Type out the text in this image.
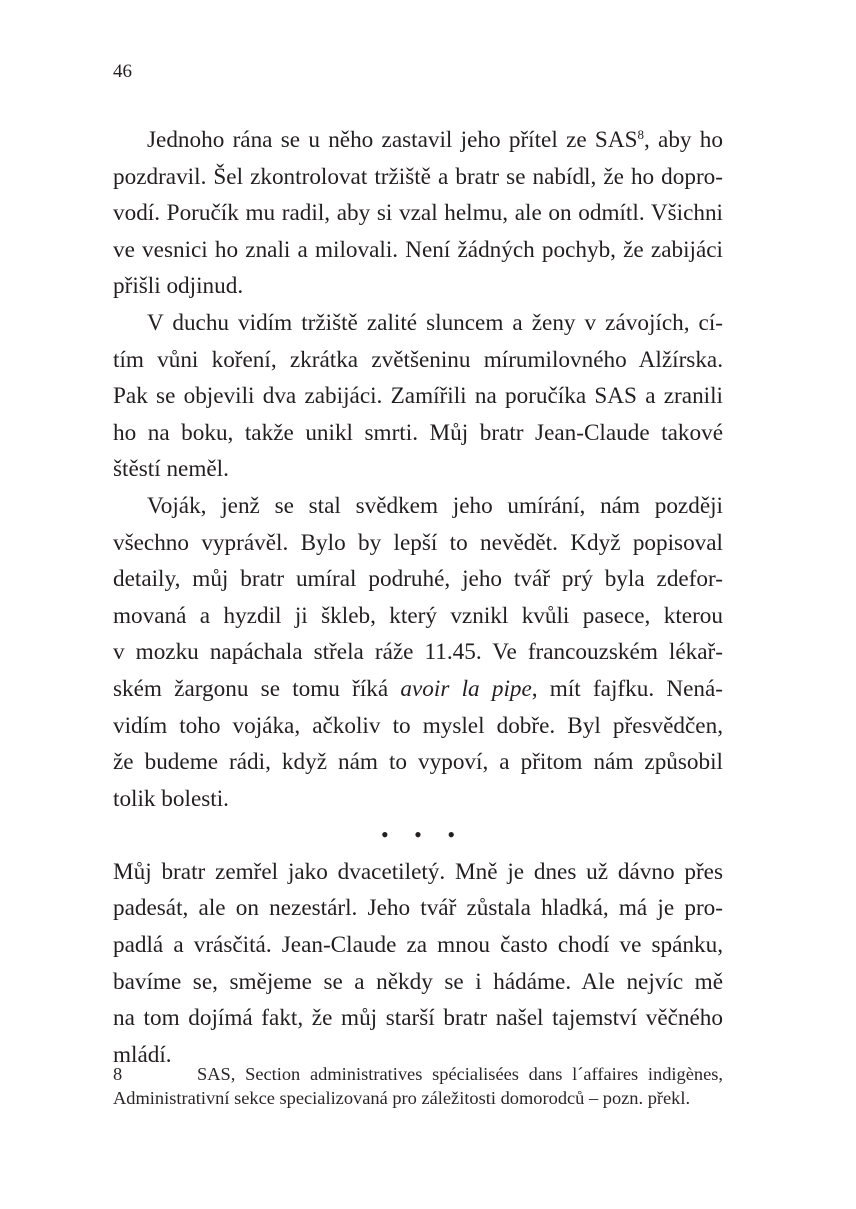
46
Jednoho rána se u něho zastavil jeho přítel ze SAS$^8$, aby ho
pozdravil. Šel zkontrolovat tržiště a bratr se nabídl, že ho dopro-
vodí. Poručík mu radil, aby si vzal helmu, ale on odmítl. Všichni
ve vesnici ho znali a milovali. Není žádných pochyb, že zabijáci
přišli odjinud.
V duchu vidím tržiště zalité sluncem a ženy v závojích, cí-
tím vůni koření, zkrátka zvětšeninu mírumilovného Alžírska.
Pak se objevili dva zabijáci. Zamířili na poručíka SAS a zranili
ho na boku, takže unikl smrti. Můj bratr Jean-Claude takové
štěstí neměl.
Voják, jenž se stal svědkem jeho umírání, nám později
všechno vyprávěl. Bylo by lepší to nevědět. Když popisoval
detaily, můj bratr umíral podruhé, jeho tvář prý byla zdefor-
movaná a hyzdil ji škleb, který vznikl kvůli pasece, kterou
v mozku napáchala střela ráže 11.45. Ve francouzském lékař-
ském žargonu se tomu říká avoir la pipe, mít fajfku. Nená-
vidím toho vojáka, ačkoliv to myslel dobře. Byl přesvědčen,
že budeme rádi, když nám to vypoví, a přitom nám způsobil
tolik bolesti.
• • •
Můj bratr zemřel jako dvacetiletý. Mně je dnes už dávno přes
padesát, ale on nezestárl. Jeho tvář zůstala hladká, má je pro-
padlá a vrásčitá. Jean-Claude za mnou často chodí ve spánku,
bavíme se, smějeme se a někdy se i hádáme. Ale nejvíc mě
na tom dojímá fakt, že můj starší bratr našel tajemství věčného
mládí.
8	SAS, Section administratives spécialisées dans l´affaires indigènes,
Administrativní sekce specializovaná pro záležitosti domorodců – pozn. překl.
